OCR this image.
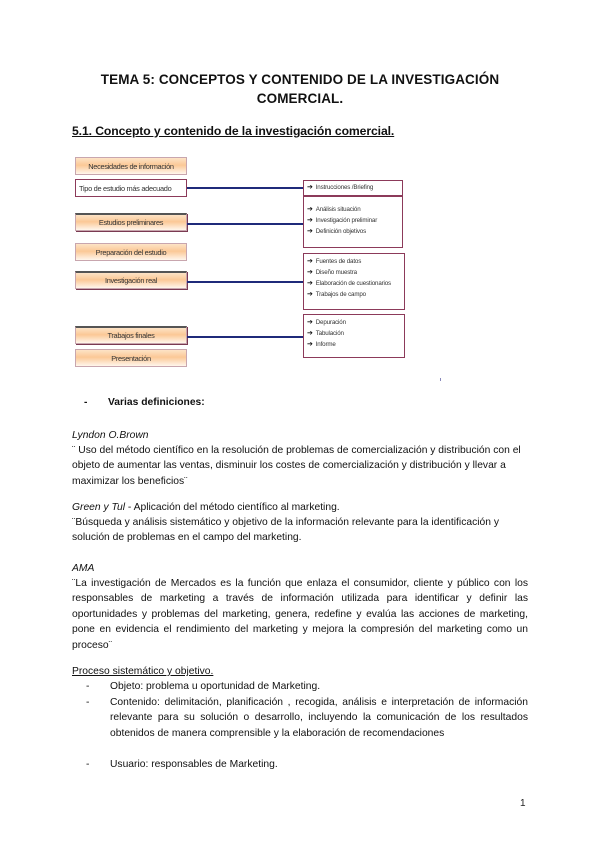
TEMA 5: CONCEPTOS Y CONTENIDO DE LA INVESTIGACIÓN
COMERCIAL.
5.1. Concepto y contenido de la investigación comercial.
Necesidades de información
Tipo de estudio más adecuado
Estudios preliminares
Preparación del estudio
Investigación real
Trabajos finales
Presentación
➔ Instrucciones /Briefing
➔ Análisis situación
➔ Investigación preliminar
➔ Definición objetivos
➔ Fuentes de datos
➔ Diseño muestra
➔ Elaboración de cuestionarios
➔ Trabajos de campo
➔ Depuración
➔ Tabulación
➔ Informe
-	Varias definiciones:
Lyndon O.Brown
¨ Uso del método científico en la resolución de problemas de comercialización y distribución con el objeto de aumentar las ventas, disminuir los costes de comercialización y distribución y llevar a maximizar los beneficios¨
Green y Tul - Aplicación del método científico al marketing.
¨Búsqueda y análisis sistemático y objetivo de la información relevante para la identificación y solución de problemas en el campo del marketing.
AMA
¨La investigación de Mercados es la función que enlaza el consumidor, cliente y público con los responsables de marketing a través de información utilizada para identificar y definir las oportunidades y problemas del marketing, genera, redefine y evalúa las acciones de marketing, pone en evidencia el rendimiento del marketing y mejora la compresión del marketing como un proceso¨
Proceso sistemático y objetivo.
-	Objeto: problema u oportunidad de Marketing.
-	Contenido: delimitación, planificación , recogida, análisis e interpretación de información relevante para su solución o desarrollo, incluyendo la comunicación de los resultados obtenidos de manera comprensible y la elaboración de recomendaciones
-	Usuario: responsables de Marketing.
1
